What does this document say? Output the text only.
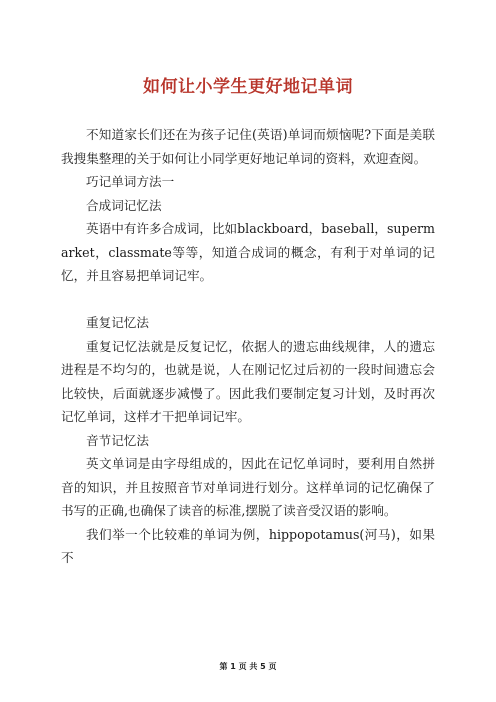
如何让小学生更好地记单词

不知道家长们还在为孩子记住(英语)单词而烦恼呢?下面是美联我搜集整理的关于如何让小同学更好地记单词的资料，欢迎查阅。

巧记单词方法一

合成词记忆法

英语中有许多合成词，比如blackboard，baseball，supermarket，classmate等等，知道合成词的概念，有利于对单词的记忆，并且容易把单词记牢。

重复记忆法

重复记忆法就是反复记忆，依据人的遗忘曲线规律，人的遗忘进程是不均匀的，也就是说，人在刚记忆过后初的一段时间遗忘会比较快，后面就逐步减慢了。因此我们要制定复习计划，及时再次记忆单词，这样才干把单词记牢。

音节记忆法

英文单词是由字母组成的，因此在记忆单词时，要利用自然拼音的知识，并且按照音节对单词进行划分。这样单词的记忆确保了书写的正确,也确保了读音的标准,摆脱了读音受汉语的影响。

我们举一个比较难的单词为例，hippopotamus(河马)，如果不

第 1 页 共 5 页
